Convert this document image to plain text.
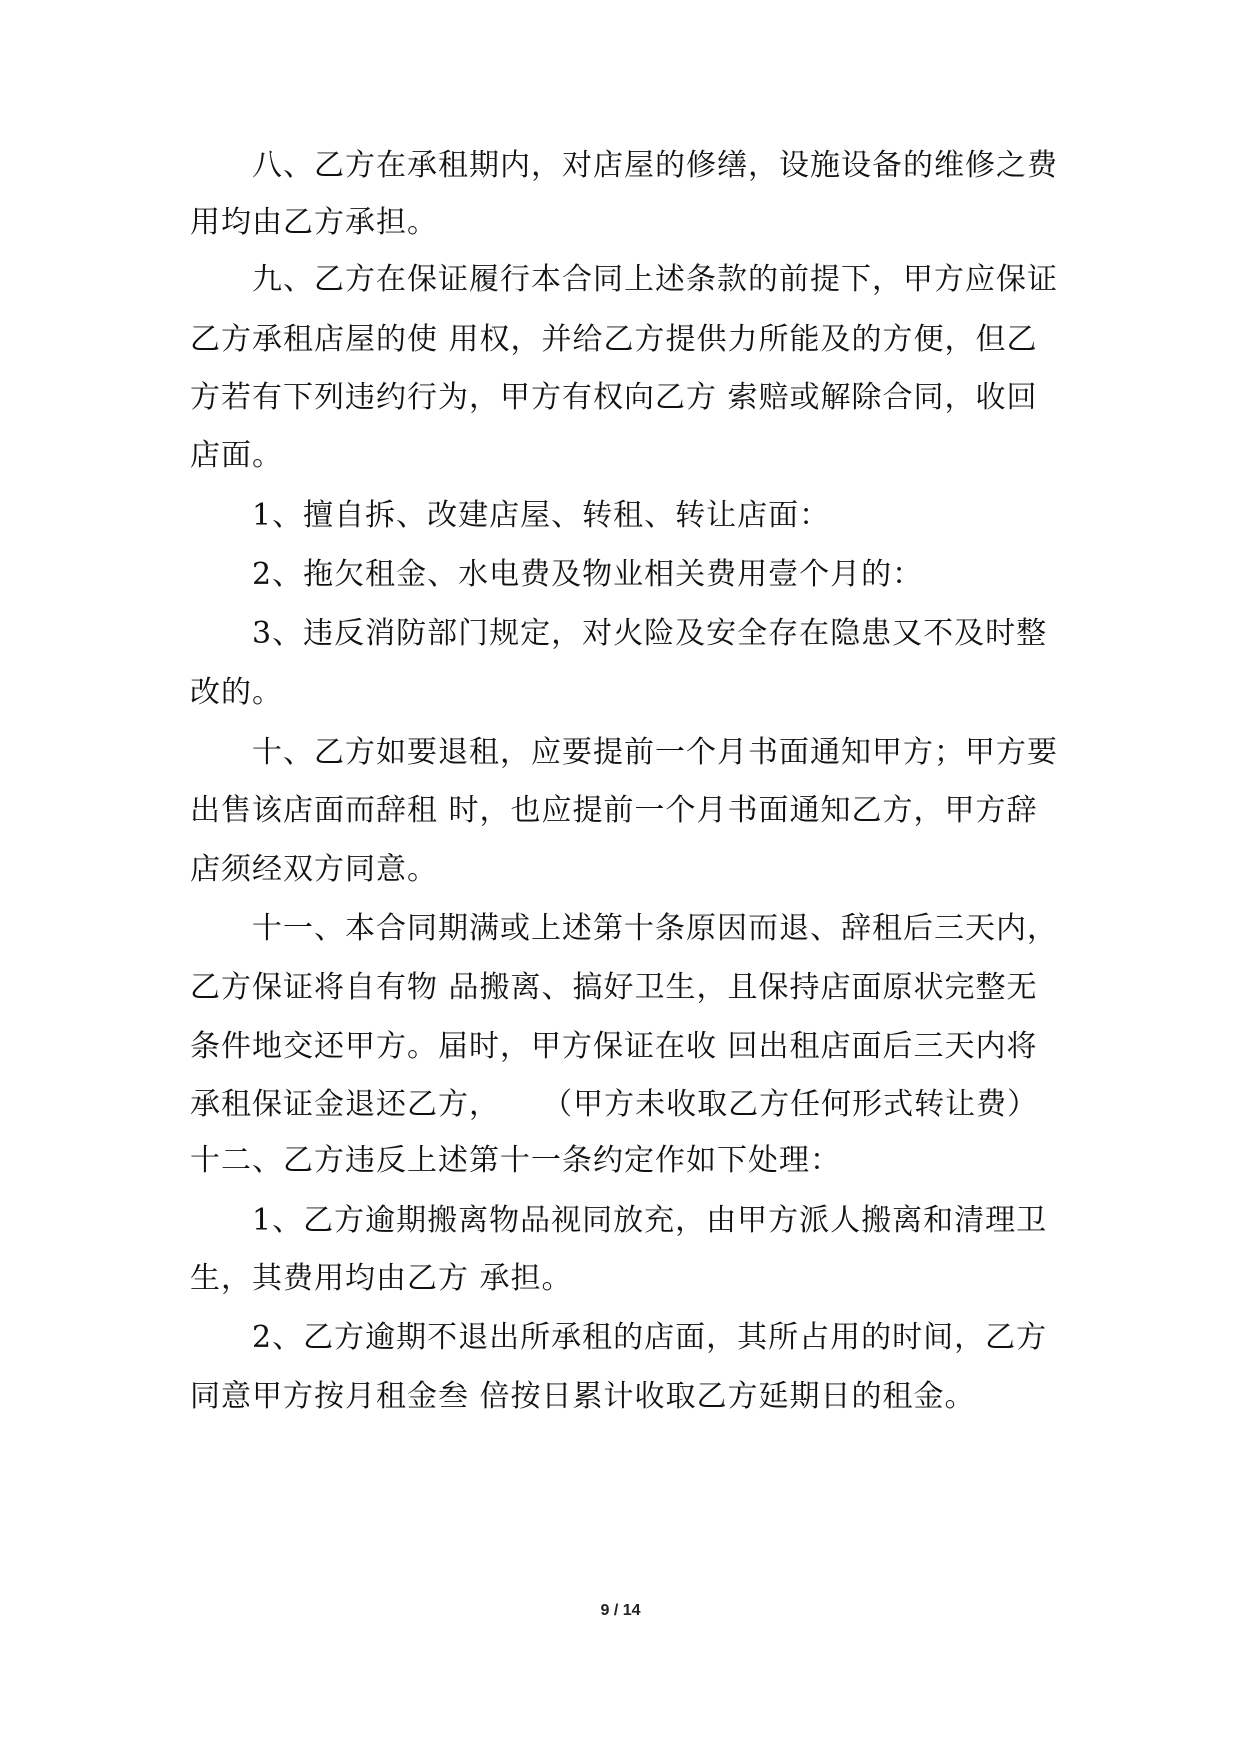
八、乙方在承租期内，对店屋的修缮，设施设备的维修之费
用均由乙方承担。
九、乙方在保证履行本合同上述条款的前提下，甲方应保证
乙方承租店屋的使 用权，并给乙方提供力所能及的方便，但乙
方若有下列违约行为，甲方有权向乙方 索赔或解除合同，收回
店面。
1、擅自拆、改建店屋、转租、转让店面：
2、拖欠租金、水电费及物业相关费用壹个月的：
3、违反消防部门规定，对火险及安全存在隐患又不及时整
改的。
十、乙方如要退租，应要提前一个月书面通知甲方；甲方要
出售该店面而辞租 时，也应提前一个月书面通知乙方，甲方辞
店须经双方同意。
十一、本合同期满或上述第十条原因而退、辞租后三天内，
乙方保证将自有物 品搬离、搞好卫生，且保持店面原状完整无
条件地交还甲方。届时，甲方保证在收 回出租店面后三天内将
承租保证金退还乙方，    （甲方未收取乙方任何形式转让费）
十二、乙方违反上述第十一条约定作如下处理：
1、乙方逾期搬离物品视同放充，由甲方派人搬离和清理卫
生，其费用均由乙方 承担。
2、乙方逾期不退出所承租的店面，其所占用的时间，乙方
同意甲方按月租金叁 倍按日累计收取乙方延期日的租金。
9 / 14
